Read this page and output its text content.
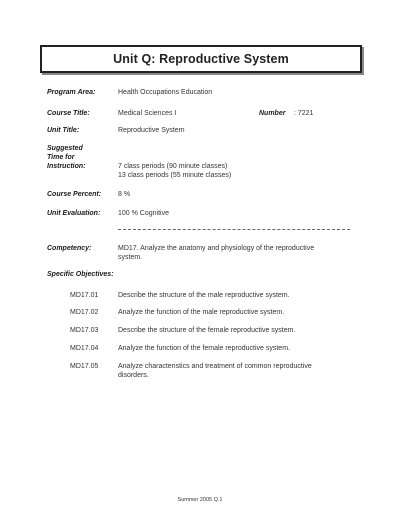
Unit Q: Reproductive System
Program Area:	Health Occupations Education
Course Title:	Medical Sciences I	Number : 7221
Unit Title:	Reproductive System
Suggested
Time for
Instruction:	7 class periods (90 minute classes)
13 class periods (55 minute classes)
Course Percent:	8 %
Unit Evaluation:	100 % Cognitive
Competency:	MD17. Analyze the anatomy and physiology of the reproductive
system.
Specific Objectives:
MD17.01	Describe the structure of the male reproductive system.
MD17.02	Analyze the function of the male reproductive system.
MD17.03	Describe the structure of the female reproductive system.
MD17.04	Analyze the function of the female reproductive system.
MD17.05	Analyze characteristics and treatment of common reproductive
disorders.
Summer 2005 Q.1
